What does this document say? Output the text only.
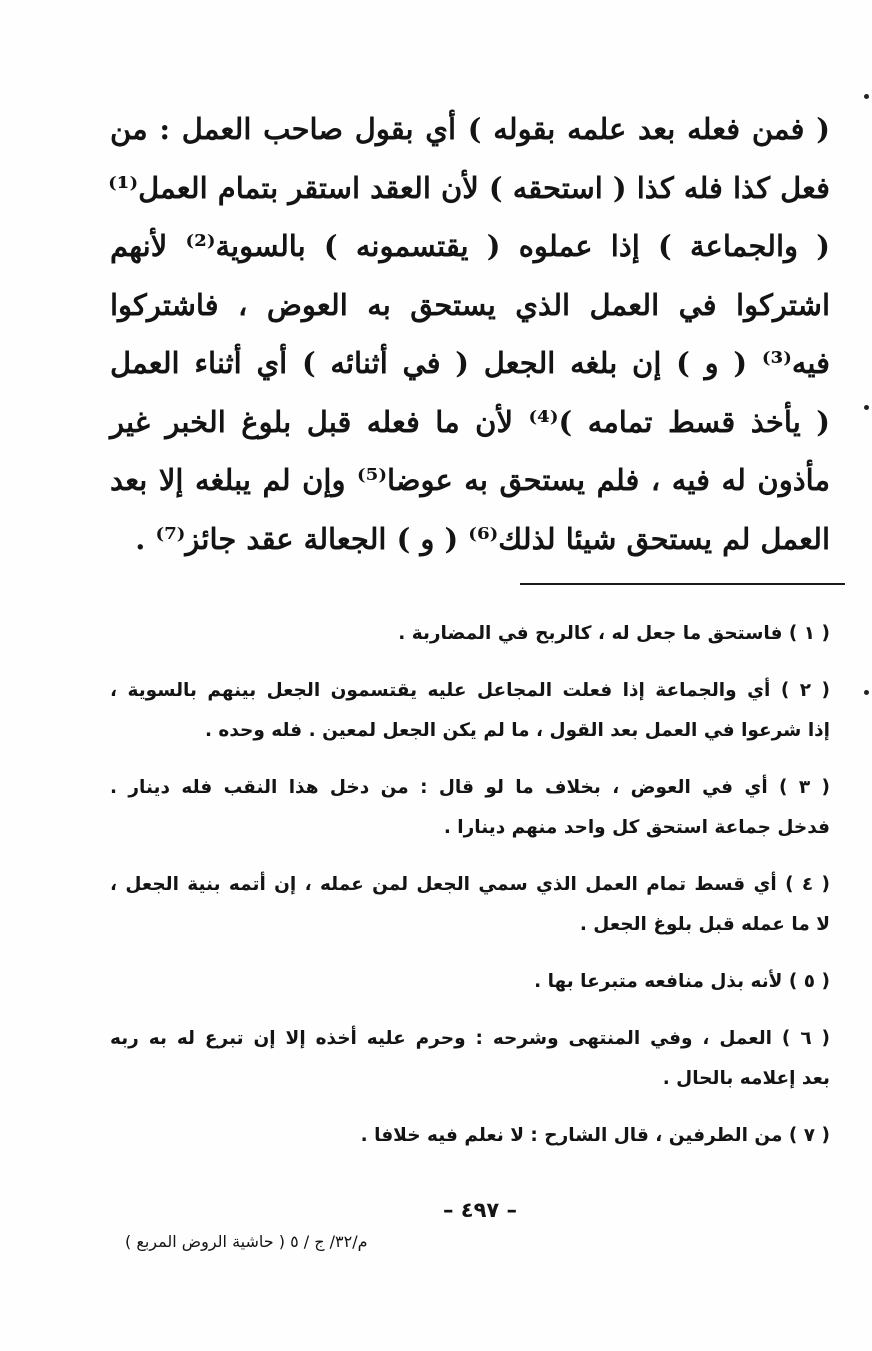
( فمن فعله بعد علمه بقوله ) أي بقول صاحب العمل : من
فعل كذا فله كذا ( استحقه ) لأن العقد استقر بتمام العمل⁽¹⁾
( والجماعة ) إذا عملوه ( يقتسمونه ) بالسوية⁽²⁾ لأنهم
اشتركوا في العمل الذي يستحق به العوض ، فاشتركوا
فيه⁽³⁾ ( و ) إن بلغه الجعل ( في أثنائه ) أي أثناء العمل
( يأخذ قسط تمامه )⁽⁴⁾ لأن ما فعله قبل بلوغ الخبر غير
مأذون له فيه ، فلم يستحق به عوضا⁽⁵⁾ وإن لم يبلغه إلا بعد
العمل لم يستحق شيئا لذلك⁽⁶⁾ ( و ) الجعالة عقد جائز⁽⁷⁾ .
( ١ ) فاستحق ما جعل له ، كالربح في المضاربة .
( ٢ ) أي والجماعة إذا فعلت المجاعل عليه يقتسمون الجعل بينهم بالسوية ،
إذا شرعوا في العمل بعد القول ، ما لم يكن الجعل لمعين . فله وحده .
( ٣ ) أي في العوض ، بخلاف ما لو قال : من دخل هذا النقب فله دينار .
فدخل جماعة استحق كل واحد منهم دينارا .
( ٤ ) أي قسط تمام العمل الذي سمي الجعل لمن عمله ، إن أتمه بنية الجعل ،
لا ما عمله قبل بلوغ الجعل .
( ٥ ) لأنه بذل منافعه متبرعا بها .
( ٦ ) العمل ، وفي المنتهى وشرحه : وحرم عليه أخذه إلا إن تبرع له به ربه
بعد إعلامه بالحال .
( ٧ ) من الطرفين ، قال الشارح : لا نعلم فيه خلافا .
– ٤٩٧ –
م/٣٢/ ج / ٥ ( حاشية الروض المربع )
